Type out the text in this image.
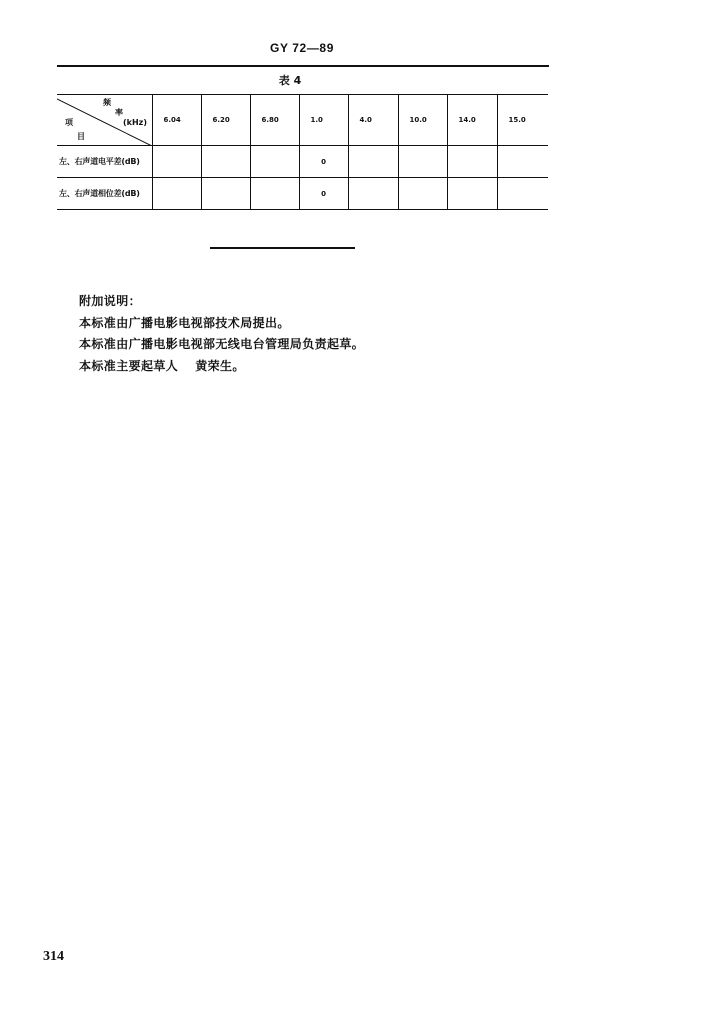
GY 72—89
表 4
频
率
(kHz)
项
目	6.04	6.20	6.80	1.0	4.0	10.0	14.0	15.0
左、右声道电平差(dB)				0				
左、右声道相位差(dB)				0				
附加说明：
本标准由广播电影电视部技术局提出。
本标准由广播电影电视部无线电台管理局负责起草。
本标准主要起草人 黄荣生。
314
